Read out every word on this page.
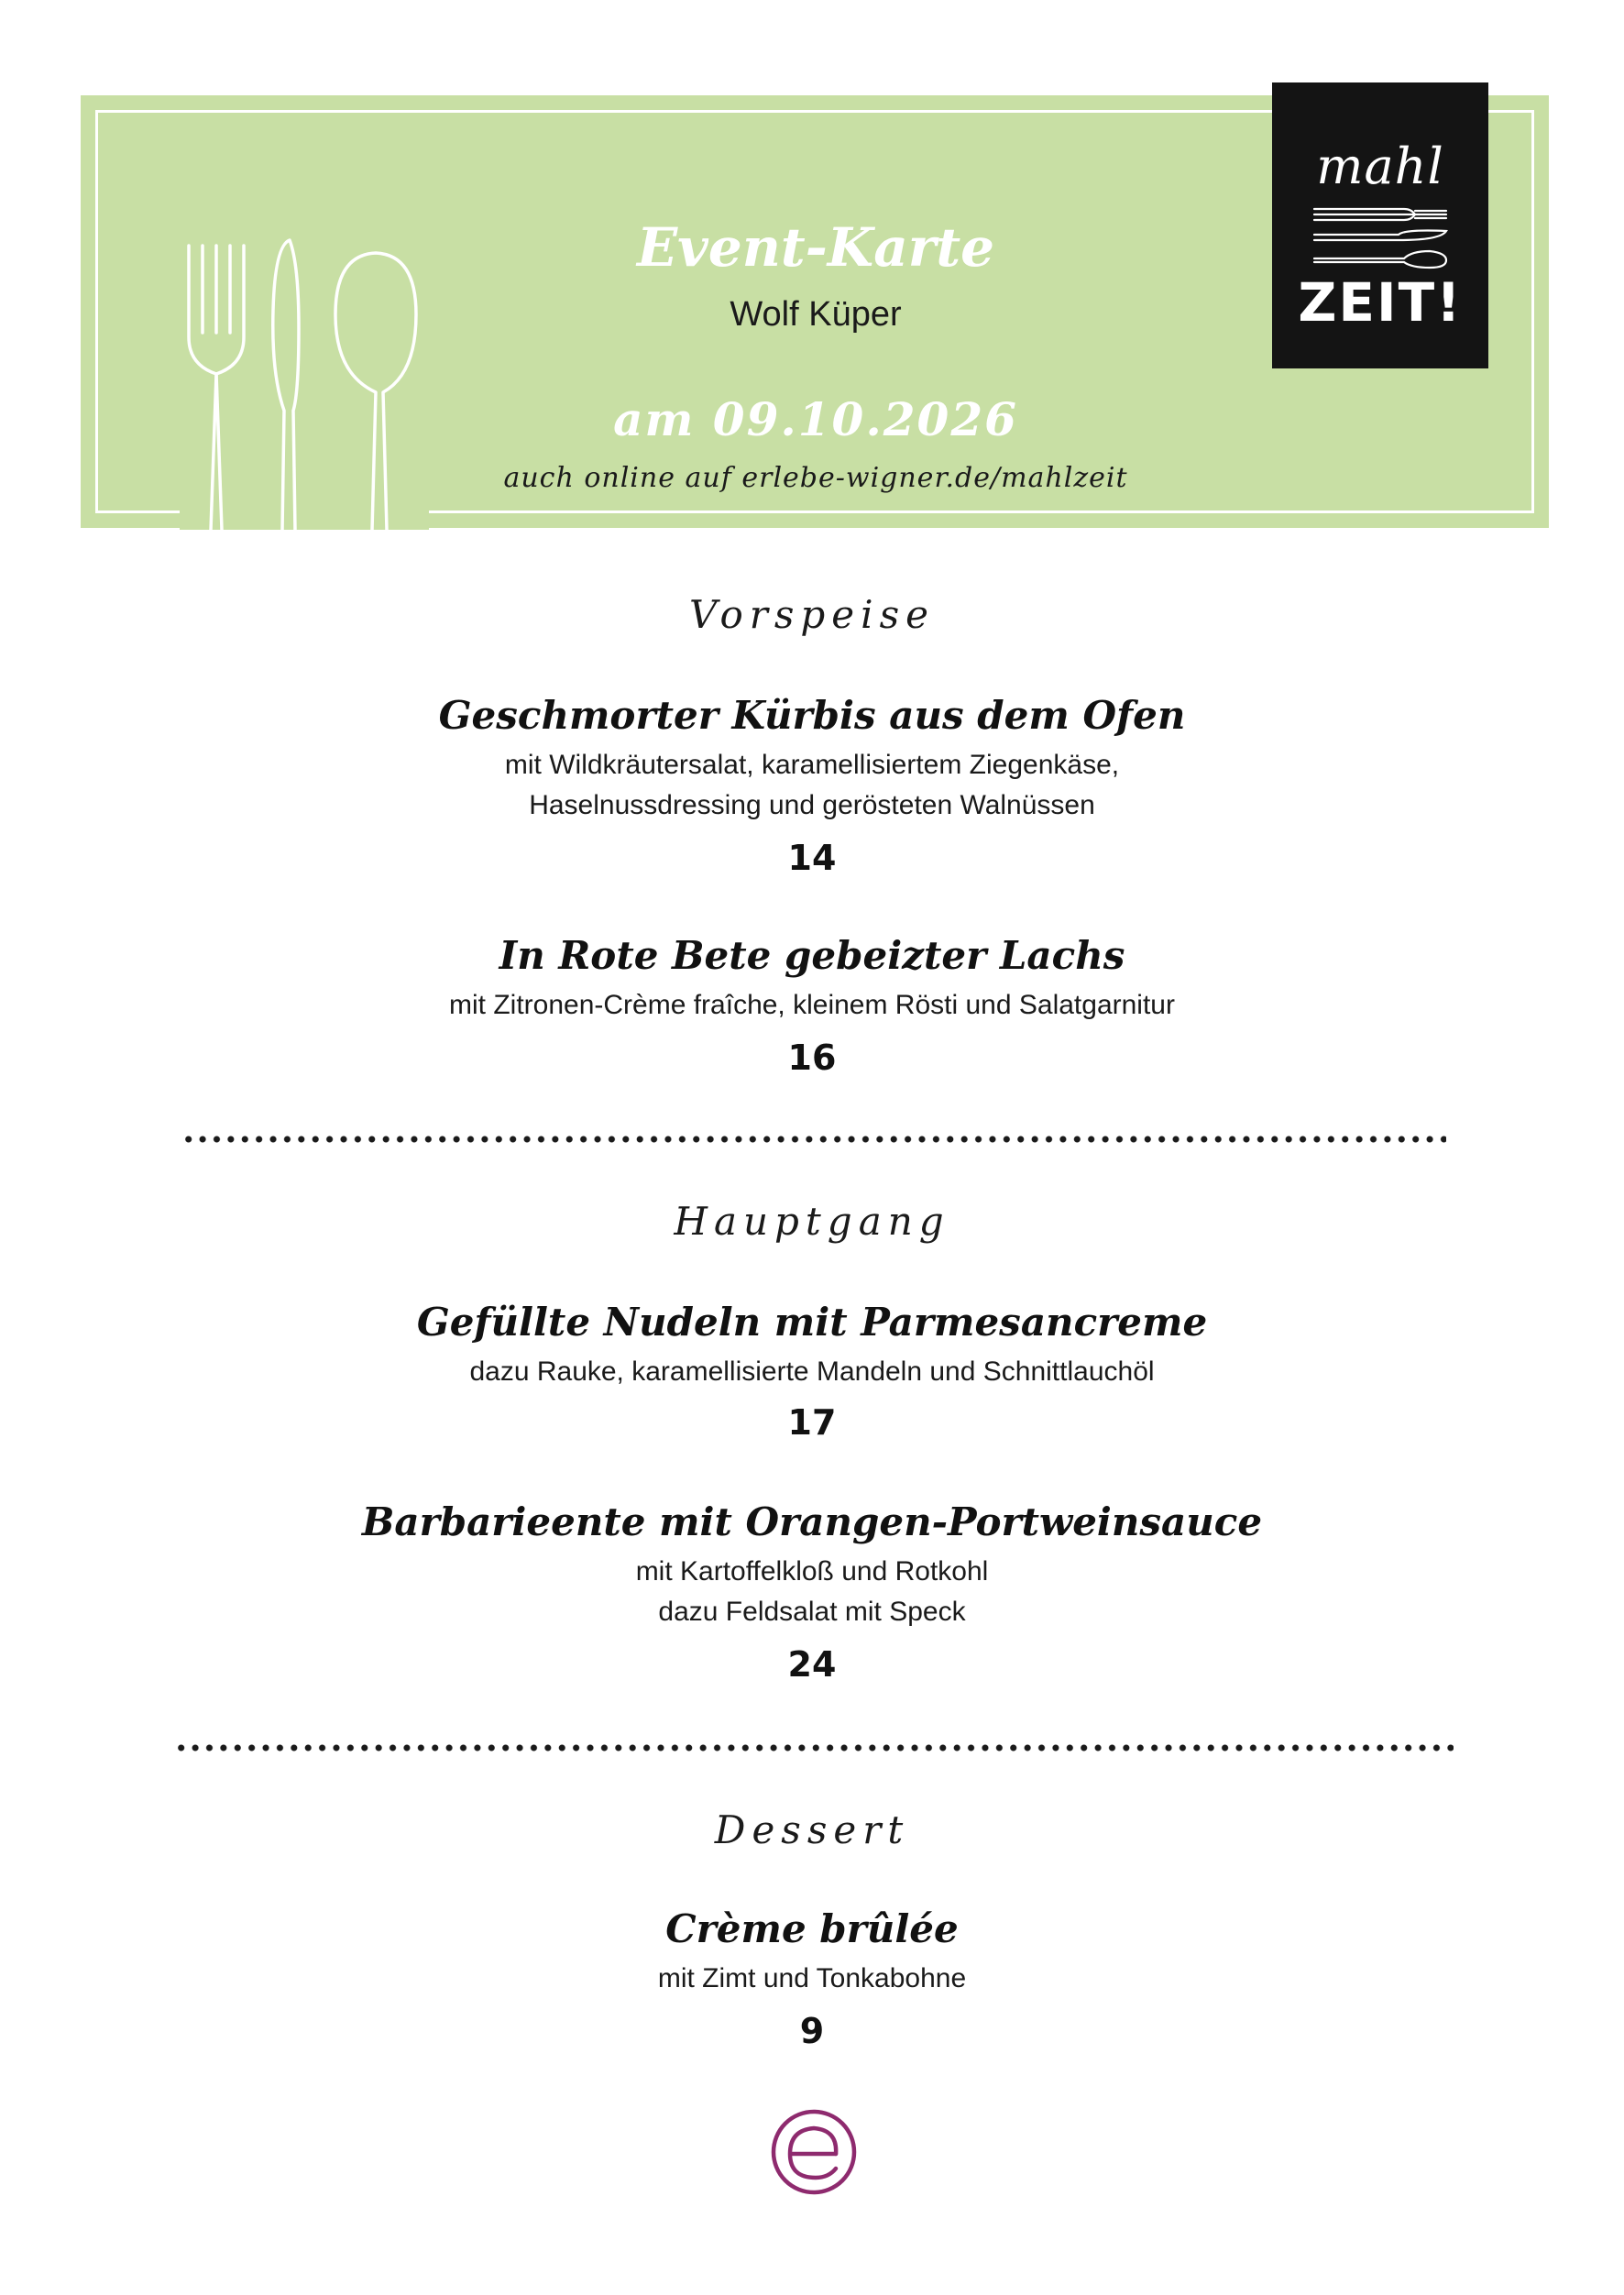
Event-Karte
Wolf Küper
am 09.10.2026
auch online auf erlebe-wigner.de/mahlzeit
mahl
ZEIT!
Vorspeise
Geschmorter Kürbis aus dem Ofen
mit Wildkräutersalat, karamellisiertem Ziegenkäse,
Haselnussdressing und gerösteten Walnüssen
14
In Rote Bete gebeizter Lachs
mit Zitronen-Crème fraîche, kleinem Rösti und Salatgarnitur
16
Hauptgang
Gefüllte Nudeln mit Parmesancreme
dazu Rauke, karamellisierte Mandeln und Schnittlauchöl
17
Barbarieente mit Orangen-Portweinsauce
mit Kartoffelkloß und Rotkohl
dazu Feldsalat mit Speck
24
Dessert
Crème brûlée
mit Zimt und Tonkabohne
9
